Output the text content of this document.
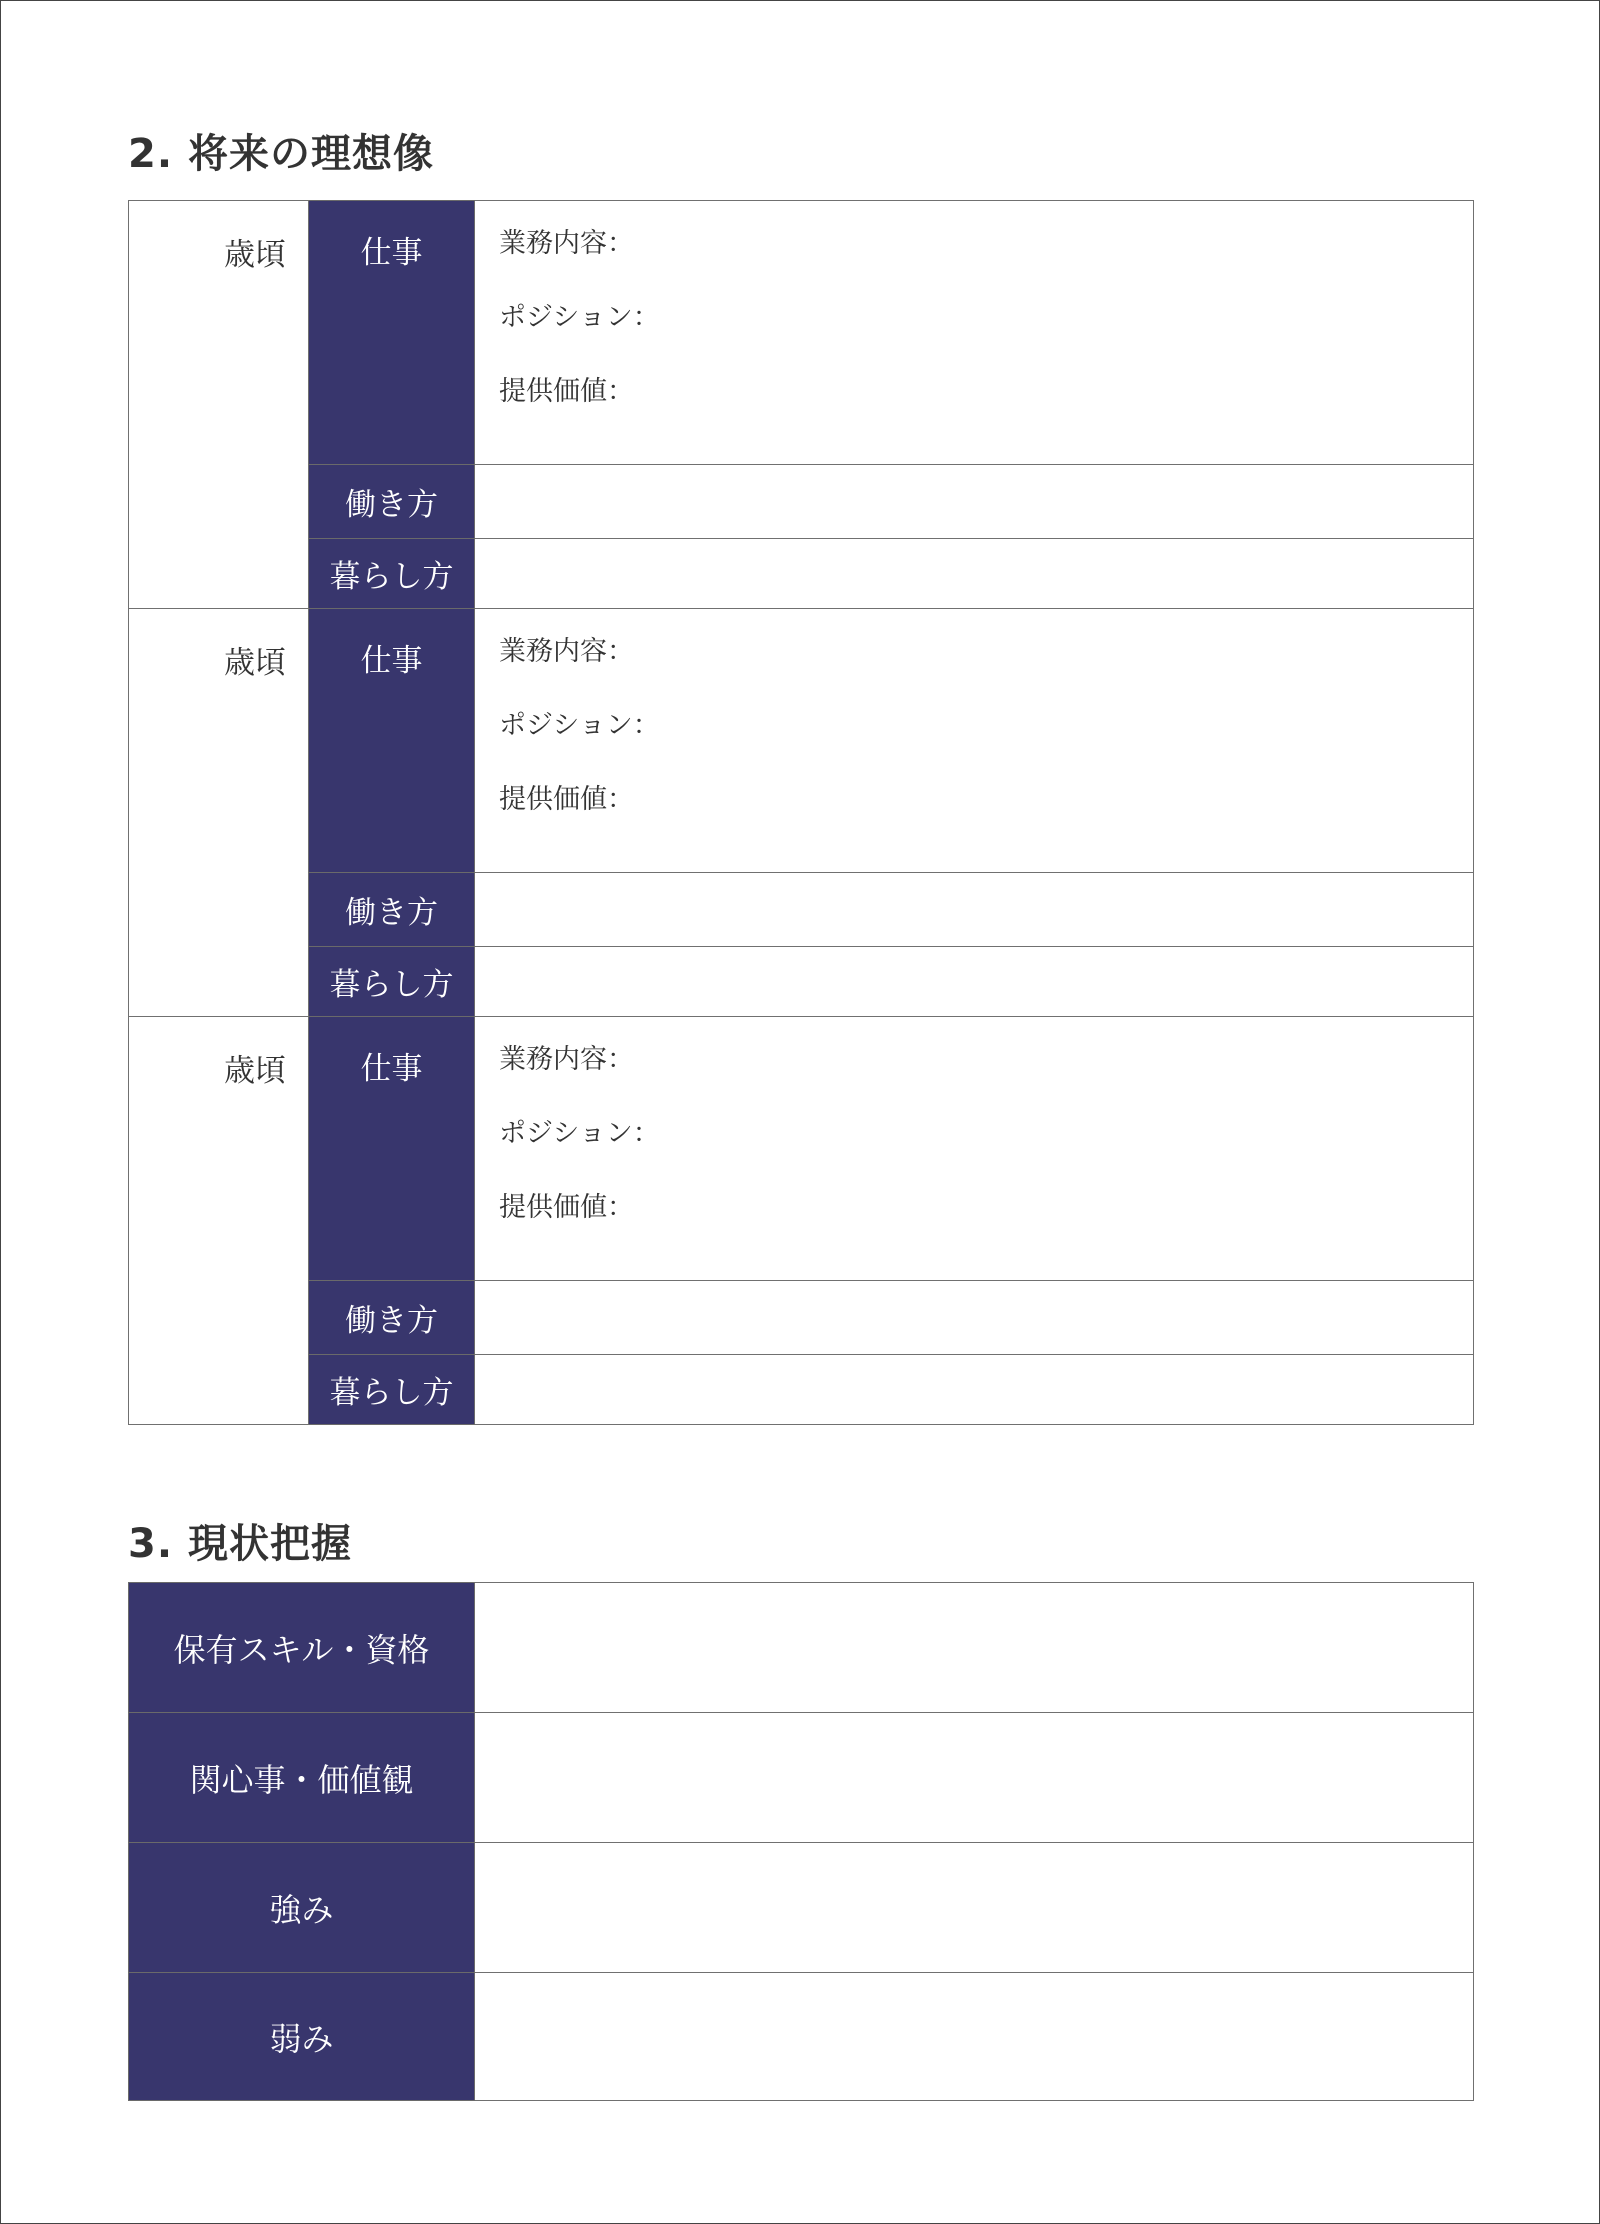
2. 将来の理想像
歳頃	仕事	業務内容：
ポジション：
提供価値：

	働き方	
	暮らし方	
歳頃	仕事	業務内容：
ポジション：
提供価値：

	働き方	
	暮らし方	
歳頃	仕事	業務内容：
ポジション：
提供価値：

	働き方	
	暮らし方	
3. 現状把握
保有スキル・資格	
関心事・価値観	
強み	
弱み	
